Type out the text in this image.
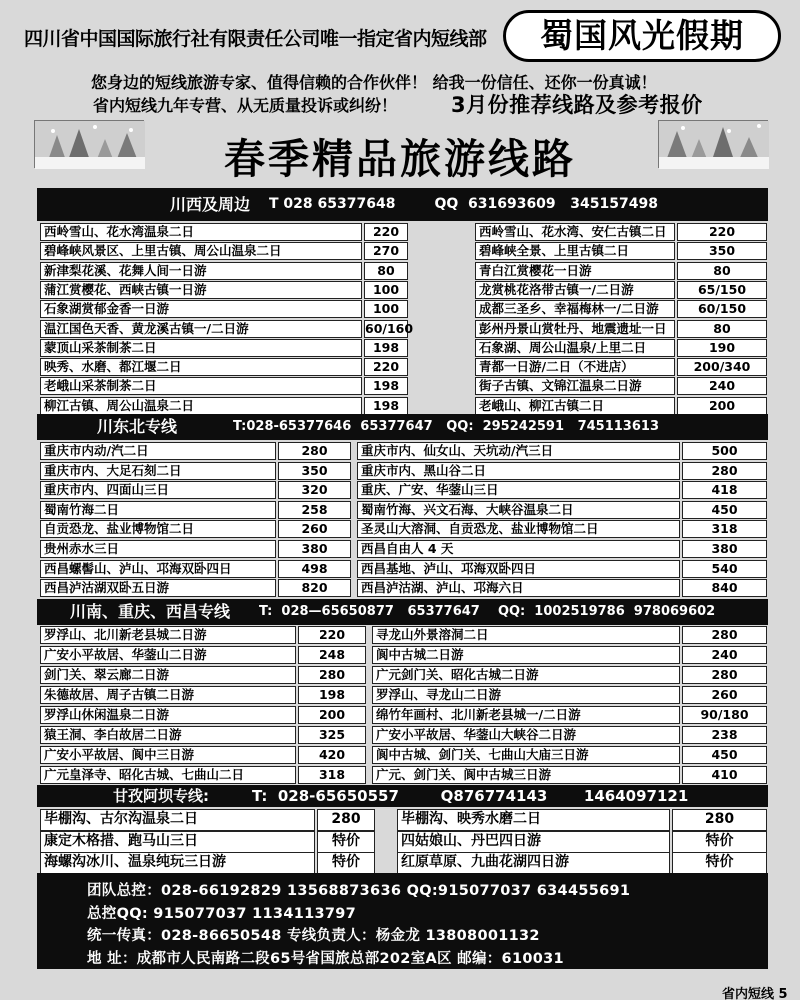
四川省中国国际旅行社有限责任公司唯一指定省内短线部	蜀国风光假期
您身边的短线旅游专家、值得信赖的合作伙伴！ 给我一份信任、还你一份真诚！
省内短线九年专营、从无质量投诉或纠纷！	3月份推荐线路及参考报价
春季精品旅游线路
川西及周边 T 028 65377648        QQ  631693609   345157498
西岭雪山、花水湾温泉二日	220	西岭雪山、花水湾、安仁古镇二日	220
碧峰峡风景区、上里古镇、周公山温泉二日	270	碧峰峡全景、上里古镇二日	350
新津梨花溪、花舞人间一日游	80	青白江赏樱花一日游	80
蒲江赏樱花、西峡古镇一日游	100	龙赏桃花洛带古镇一/二日游	65/150
石象湖赏郁金香一日游	100	成都三圣乡、幸福梅林一/二日游	60/150
温江国色天香、黄龙溪古镇一/二日游	60/160	彭州丹景山赏牡丹、地震遗址一日	80
蒙顶山采茶制茶二日	198	石象湖、周公山温泉/上里二日	190
映秀、水磨、都江堰二日	220	青都一日游/二日（不进店）	200/340
老峨山采茶制茶二日	198	街子古镇、文锦江温泉二日游	240
柳江古镇、周公山温泉二日	198	老峨山、柳江古镇二日	200
川东北专线	T:028-65377646  65377647   QQ:  295242591   745113613
重庆市内动/汽二日	280	重庆市内、仙女山、天坑动/汽三日	500
重庆市内、大足石刻二日	350	重庆市内、黑山谷二日	280
重庆市内、四面山三日	320	重庆、广安、华蓥山三日	418
蜀南竹海二日	258	蜀南竹海、兴文石海、大峡谷温泉二日	450
自贡恐龙、盐业博物馆二日	260	圣灵山大溶洞、自贡恐龙、盐业博物馆二日	318
贵州赤水三日	380	西昌自由人 4 天	380
西昌螺髻山、泸山、邛海双卧四日	498	西昌基地、泸山、邛海双卧四日	540
西昌泸沽湖双卧五日游	820	西昌泸沽湖、泸山、邛海六日	840
川南、重庆、西昌专线 T:  028—65650877   65377647    QQ:  1002519786  978069602
罗浮山、北川新老县城二日游	220	寻龙山外景溶洞二日	280
广安小平故居、华蓥山二日游	248	阆中古城二日游	240
剑门关、翠云廊二日游	280	广元剑门关、昭化古城二日游	280
朱德故居、周子古镇二日游	198	罗浮山、寻龙山二日游	260
罗浮山休闲温泉二日游	200	绵竹年画村、北川新老县城一/二日游	90/180
猿王洞、李白故居二日游	325	广安小平故居、华蓥山大峡谷二日游	238
广安小平故居、阆中三日游	420	阆中古城、剑门关、七曲山大庙三日游	450
广元皇泽寺、昭化古城、七曲山二日	318	广元、剑门关、阆中古城三日游	410
甘孜阿坝专线:	T:  028-65650557        Q876774143       1464097121
毕棚沟、古尔沟温泉二日	280	毕棚沟、映秀水磨二日	280
康定木格措、跑马山三日	特价	四姑娘山、丹巴四日游	特价
海螺沟冰川、温泉纯玩三日游	特价	红原草原、九曲花湖四日游	特价
团队总控：028-66192829 13568873636 QQ:915077037 634455691
总控QQ: 915077037 1134113797
统一传真：028-86650548 专线负责人：杨金龙 13808001132
地 址：成都市人民南路二段65号省国旅总部202室A区 邮编：610031
省内短线 5
